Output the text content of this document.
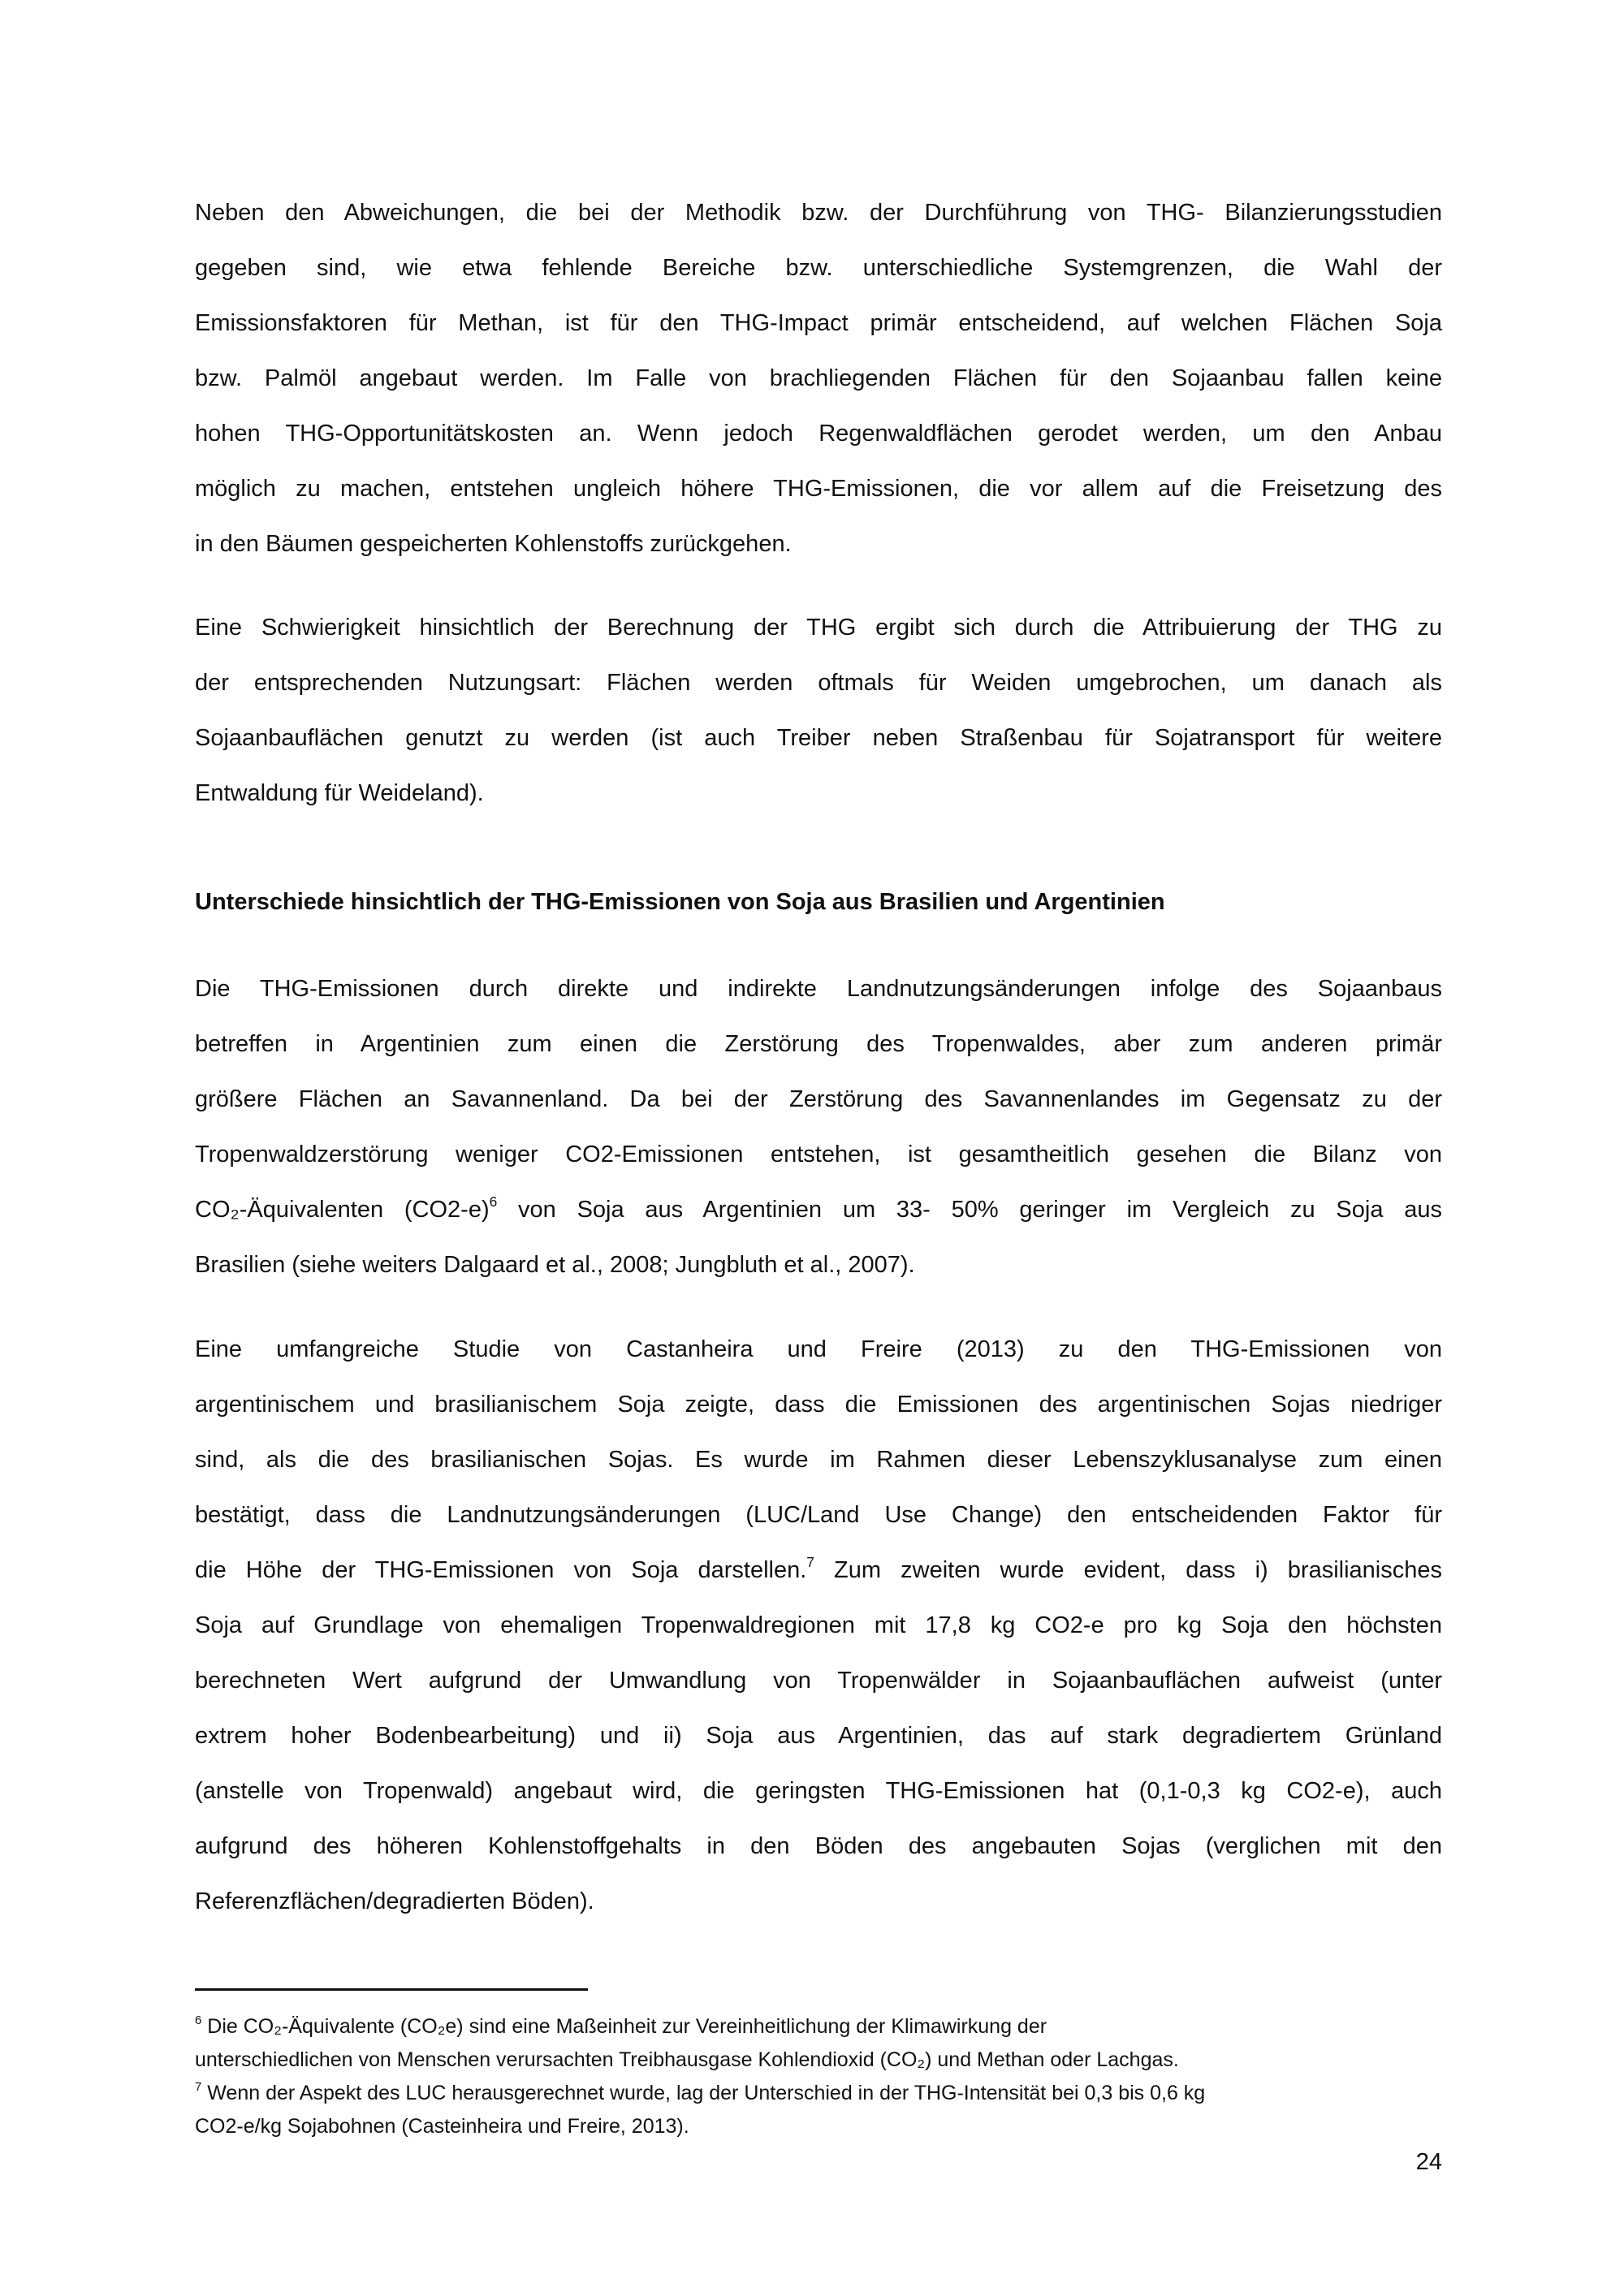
Neben den Abweichungen, die bei der Methodik bzw. der Durchführung von THG- Bilanzierungsstudien
gegeben sind, wie etwa fehlende Bereiche bzw. unterschiedliche Systemgrenzen, die Wahl der
Emissionsfaktoren für Methan, ist für den THG-Impact primär entscheidend, auf welchen Flächen Soja
bzw. Palmöl angebaut werden. Im Falle von brachliegenden Flächen für den Sojaanbau fallen keine
hohen THG-Opportunitätskosten an. Wenn jedoch Regenwaldflächen gerodet werden, um den Anbau
möglich zu machen, entstehen ungleich höhere THG-Emissionen, die vor allem auf die Freisetzung des
in den Bäumen gespeicherten Kohlenstoffs zurückgehen.
Eine Schwierigkeit hinsichtlich der Berechnung der THG ergibt sich durch die Attribuierung der THG zu
der entsprechenden Nutzungsart: Flächen werden oftmals für Weiden umgebrochen, um danach als
Sojaanbauflächen genutzt zu werden (ist auch Treiber neben Straßenbau für Sojatransport für weitere
Entwaldung für Weideland).
Unterschiede hinsichtlich der THG-Emissionen von Soja aus Brasilien und Argentinien
Die THG-Emissionen durch direkte und indirekte Landnutzungsänderungen infolge des Sojaanbaus
betreffen in Argentinien zum einen die Zerstörung des Tropenwaldes, aber zum anderen primär
größere Flächen an Savannenland. Da bei der Zerstörung des Savannenlandes im Gegensatz zu der
Tropenwaldzerstörung weniger CO2-Emissionen entstehen, ist gesamtheitlich gesehen die Bilanz von
CO₂-Äquivalenten $(CO2-e)^6$ von Soja aus Argentinien um 33- 50% geringer im Vergleich zu Soja aus
Brasilien (siehe weiters Dalgaard et al., 2008; Jungbluth et al., 2007).
Eine umfangreiche Studie von Castanheira und Freire (2013) zu den THG-Emissionen von
argentinischem und brasilianischem Soja zeigte, dass die Emissionen des argentinischen Sojas niedriger
sind, als die des brasilianischen Sojas. Es wurde im Rahmen dieser Lebenszyklusanalyse zum einen
bestätigt, dass die Landnutzungsänderungen (LUC/Land Use Change) den entscheidenden Faktor für
die Höhe der THG-Emissionen von Soja darstellen.$^7$ Zum zweiten wurde evident, dass i) brasilianisches
Soja auf Grundlage von ehemaligen Tropenwaldregionen mit 17,8 kg CO2-e pro kg Soja den höchsten
berechneten Wert aufgrund der Umwandlung von Tropenwälder in Sojaanbauflächen aufweist (unter
extrem hoher Bodenbearbeitung) und ii) Soja aus Argentinien, das auf stark degradiertem Grünland
(anstelle von Tropenwald) angebaut wird, die geringsten THG-Emissionen hat (0,1-0,3 kg CO2-e), auch
aufgrund des höheren Kohlenstoffgehalts in den Böden des angebauten Sojas (verglichen mit den
Referenzflächen/degradierten Böden).
$^6$ Die CO₂-Äquivalente (CO₂e) sind eine Maßeinheit zur Vereinheitlichung der Klimawirkung der
unterschiedlichen von Menschen verursachten Treibhausgase Kohlendioxid (CO₂) und Methan oder Lachgas.
$^7$ Wenn der Aspekt des LUC herausgerechnet wurde, lag der Unterschied in der THG-Intensität bei 0,3 bis 0,6 kg
CO2-e/kg Sojabohnen (Casteinheira und Freire, 2013).
24
